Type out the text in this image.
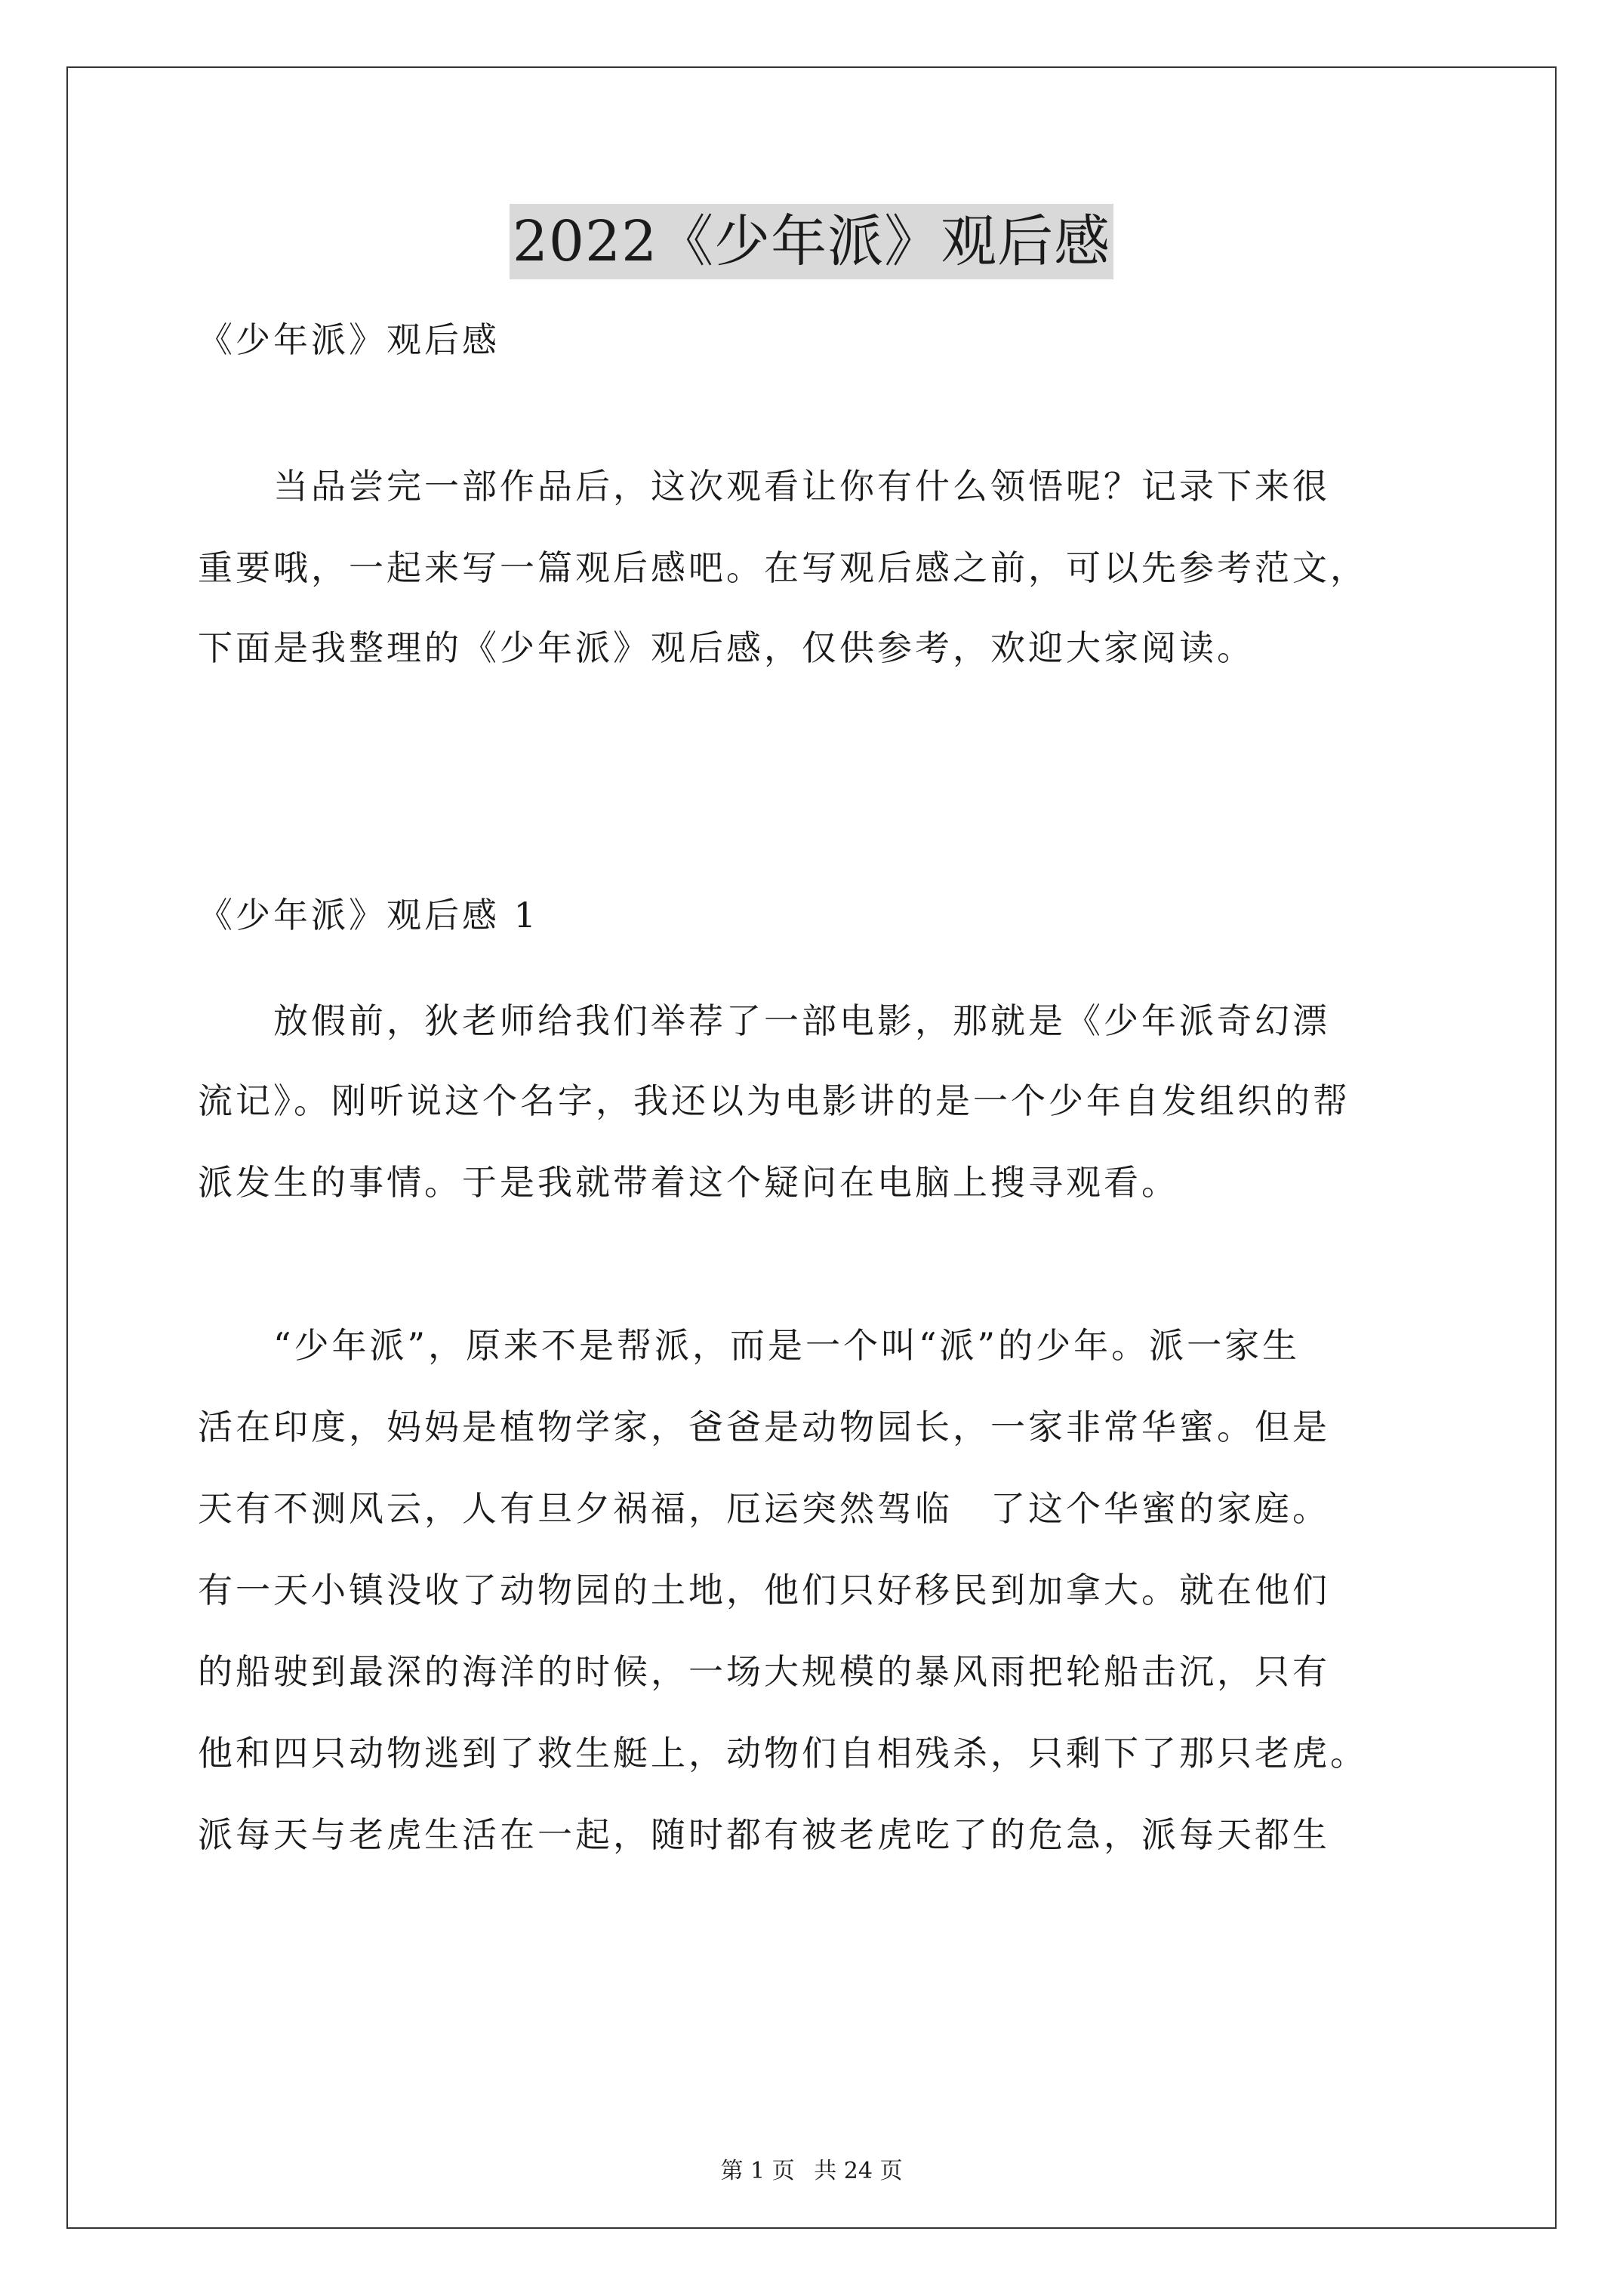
2022《少年派》观后感
《少年派》观后感
　　当品尝完一部作品后，这次观看让你有什么领悟呢？记录下来很
重要哦，一起来写一篇观后感吧。在写观后感之前，可以先参考范文，
下面是我整理的《少年派》观后感，仅供参考，欢迎大家阅读。
《少年派》观后感 1
　　放假前，狄老师给我们举荐了一部电影，那就是《少年派奇幻漂
流记》。刚听说这个名字，我还以为电影讲的是一个少年自发组织的帮
派发生的事情。于是我就带着这个疑问在电脑上搜寻观看。
　　“少年派”，原来不是帮派，而是一个叫“派”的少年。派一家生
活在印度，妈妈是植物学家，爸爸是动物园长，一家非常华蜜。但是
天有不测风云，人有旦夕祸福，厄运突然驾临　了这个华蜜的家庭。
有一天小镇没收了动物园的土地，他们只好移民到加拿大。就在他们
的船驶到最深的海洋的时候，一场大规模的暴风雨把轮船击沉，只有
他和四只动物逃到了救生艇上，动物们自相残杀，只剩下了那只老虎。
派每天与老虎生活在一起，随时都有被老虎吃了的危急，派每天都生
第 1 页 共 24 页
